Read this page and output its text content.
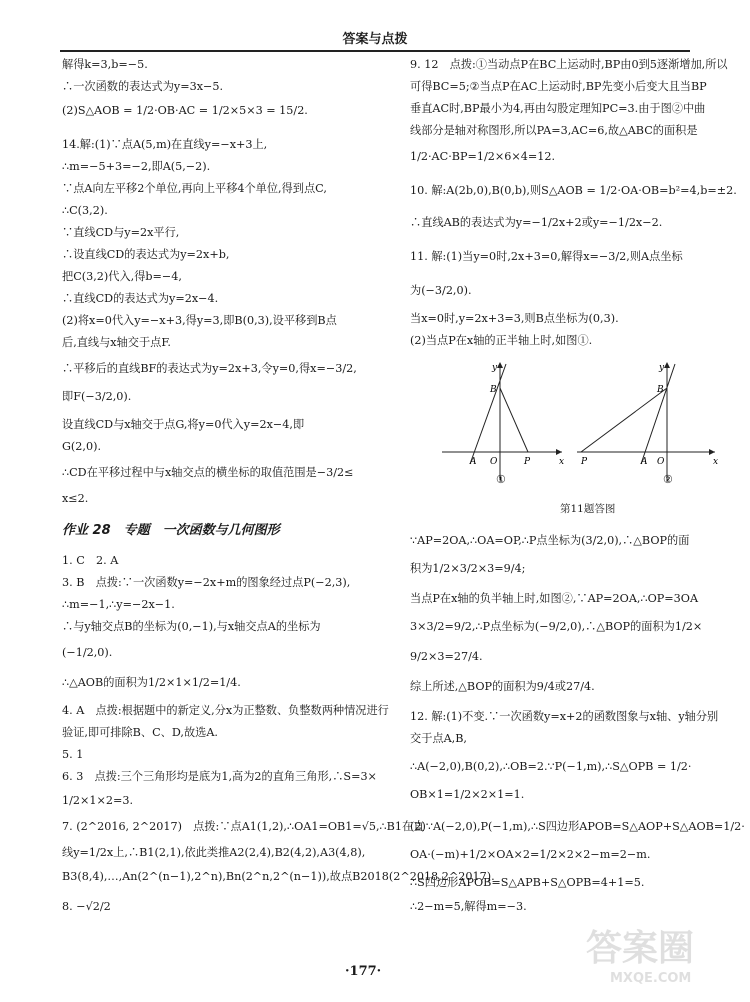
答案与点拨
解得k=3,b=−5.
∴一次函数的表达式为y=3x−5.
(2)S△AOB = 1/2·OB·AC = 1/2×5×3 = 15/2.
14.解:(1)∵点A(5,m)在直线y=−x+3上,
∴m=−5+3=−2,即A(5,−2).
∵点A向左平移2个单位,再向上平移4个单位,得到点C,
∴C(3,2).
∵直线CD与y=2x平行,
∴设直线CD的表达式为y=2x+b,
把C(3,2)代入,得b=−4,
∴直线CD的表达式为y=2x−4.
(2)将x=0代入y=−x+3,得y=3,即B(0,3),设平移到B点
后,直线与x轴交于点F.
∴平移后的直线BF的表达式为y=2x+3,令y=0,得x=−3/2,
即F(−3/2,0).
设直线CD与x轴交于点G,将y=0代入y=2x−4,即
G(2,0).
∴CD在平移过程中与x轴交点的横坐标的取值范围是−3/2≤
x≤2.
作业 28　专题　一次函数与几何图形
1. C　2. A
3. B　点拨:∵一次函数y=−2x+m的图象经过点P(−2,3),
∴m=−1,∴y=−2x−1.
∴与y轴交点B的坐标为(0,−1),与x轴交点A的坐标为
(−1/2,0).
∴△AOB的面积为1/2×1×1/2=1/4.
4. A　点拨:根据题中的新定义,分x为正整数、负整数两种情况进行
验证,即可排除B、C、D,故选A.
5. 1
6. 3　点拨:三个三角形均是底为1,高为2的直角三角形,∴S=3×
1/2×1×2=3.
7. (2^2016, 2^2017)　点拨:∵点A1(1,2),∴OA1=OB1=√5,∴B1在直
线y=1/2x上,∴B1(2,1),依此类推A2(2,4),B2(4,2),A3(4,8),
B3(8,4),…,An(2^(n−1),2^n),Bn(2^n,2^(n−1)),故点B2018(2^2018,2^2017).
8. −√2/2
9. 12　点拨:①当动点P在BC上运动时,BP由0到5逐渐增加,所以
可得BC=5;②当点P在AC上运动时,BP先变小后变大且当BP
垂直AC时,BP最小为4,再由勾股定理知PC=3.由于图②中曲
线部分是轴对称图形,所以PA=3,AC=6,故△ABC的面积是
1/2·AC·BP=1/2×6×4=12.
10. 解:A(2b,0),B(0,b),则S△AOB = 1/2·OA·OB=b²=4,b=±2.
∴直线AB的表达式为y=−1/2x+2或y=−1/2x−2.
11. 解:(1)当y=0时,2x+3=0,解得x=−3/2,则A点坐标
为(−3/2,0).
当x=0时,y=2x+3=3,则B点坐标为(0,3).
(2)当点P在x轴的正半轴上时,如图①.
y
x
B
A O	P
①
y
x
B
P	A O
②
第11题答图
∵AP=2OA,∴OA=OP,∴P点坐标为(3/2,0),∴△BOP的面
积为1/2×3/2×3=9/4;
当点P在x轴的负半轴上时,如图②,∵AP=2OA,∴OP=3OA
3×3/2=9/2,∴P点坐标为(−9/2,0),∴△BOP的面积为1/2×
9/2×3=27/4.
综上所述,△BOP的面积为9/4或27/4.
12. 解:(1)不变.∵一次函数y=x+2的函数图象与x轴、y轴分别
交于点A,B,
∴A(−2,0),B(0,2),∴OB=2.∵P(−1,m),∴S△OPB = 1/2·
OB×1=1/2×2×1=1.
(2)∵A(−2,0),P(−1,m),∴S四边形APOB=S△AOP+S△AOB=1/2·
OA·(−m)+1/2×OA×2=1/2×2×2−m=2−m.
∴S四边形APOB=S△APB+S△OPB=4+1=5.
∴2−m=5,解得m=−3.
·177·
答案圈
MXQE.COM
